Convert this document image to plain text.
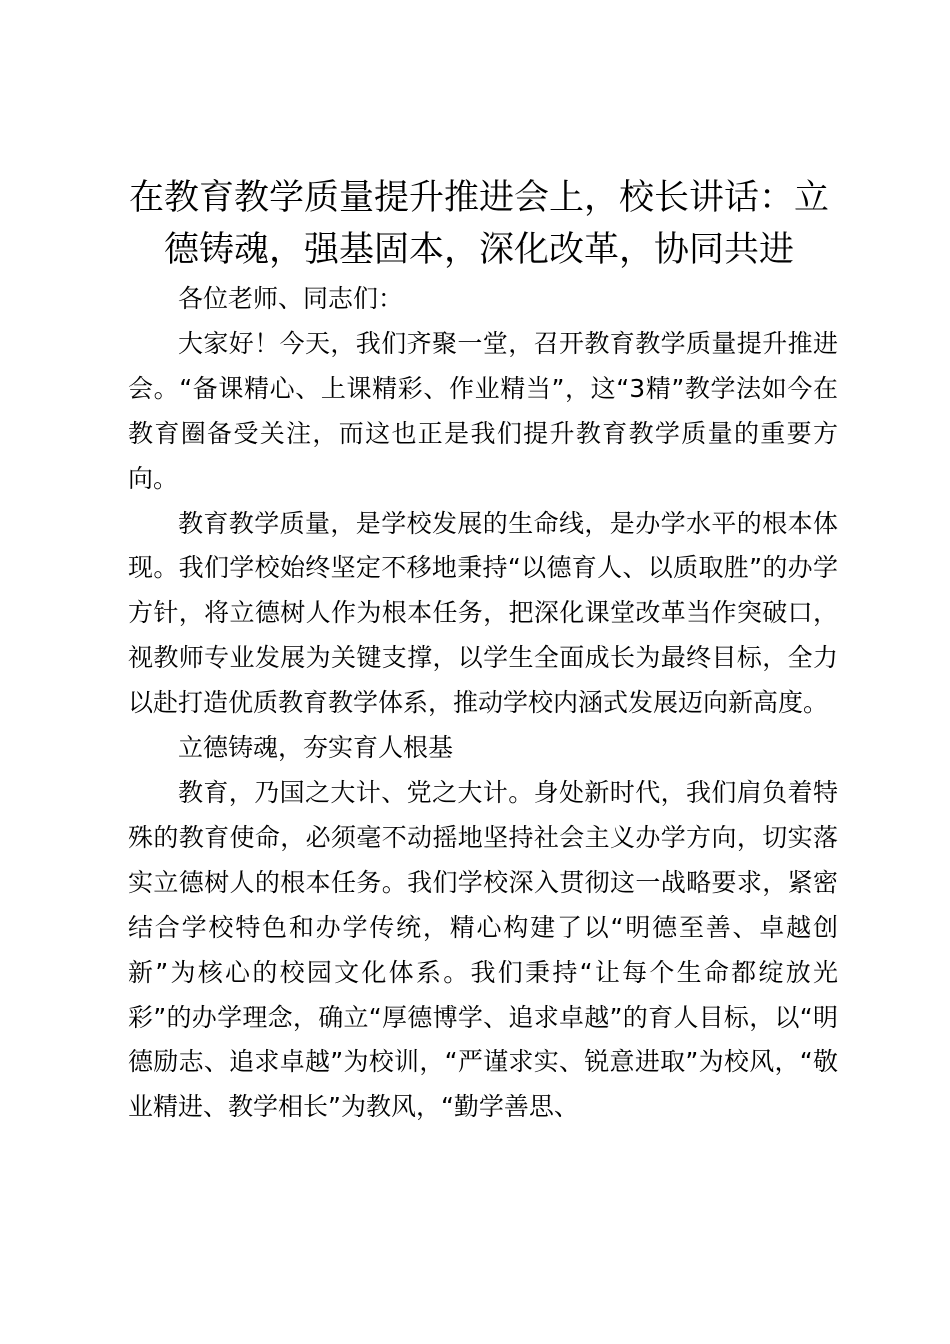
在教育教学质量提升推进会上，校长讲话：立德铸魂，强基固本，深化改革，协同共进

各位老师、同志们：

大家好！今天，我们齐聚一堂，召开教育教学质量提升推进会。“备课精心、上课精彩、作业精当”，这“3精”教学法如今在教育圈备受关注，而这也正是我们提升教育教学质量的重要方向。

教育教学质量，是学校发展的生命线，是办学水平的根本体现。我们学校始终坚定不移地秉持“以德育人、以质取胜”的办学方针，将立德树人作为根本任务，把深化课堂改革当作突破口，视教师专业发展为关键支撑，以学生全面成长为最终目标，全力以赴打造优质教育教学体系，推动学校内涵式发展迈向新高度。

立德铸魂，夯实育人根基

教育，乃国之大计、党之大计。身处新时代，我们肩负着特殊的教育使命，必须毫不动摇地坚持社会主义办学方向，切实落实立德树人的根本任务。我们学校深入贯彻这一战略要求，紧密结合学校特色和办学传统，精心构建了以“明德至善、卓越创新”为核心的校园文化体系。我们秉持“让每个生命都绽放光彩”的办学理念，确立“厚德博学、追求卓越”的育人目标，以“明德励志、追求卓越”为校训，“严谨求实、锐意进取”为校风，“敬业精进、教学相长”为教风，“勤学善思、
